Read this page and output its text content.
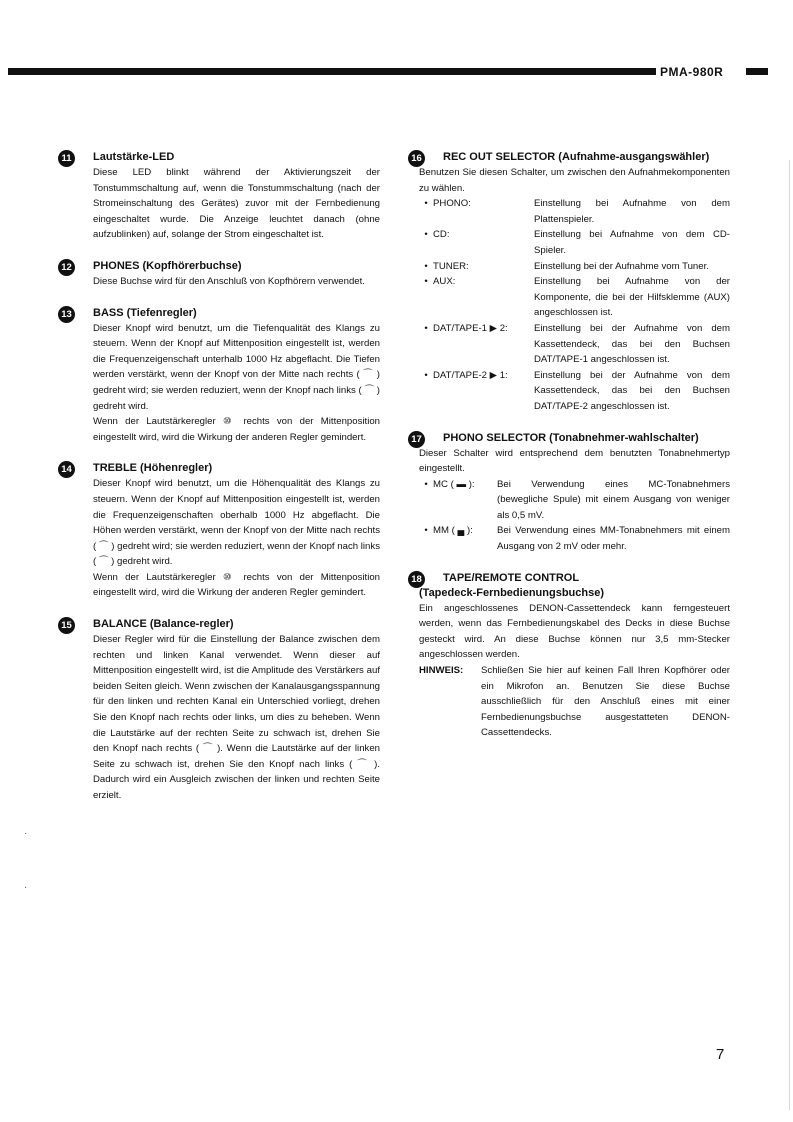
PMA-980R
11	Lautstärke-LED

Diese LED blinkt während der Aktivierungszeit der Tonstummschaltung auf, wenn die Tonstummschaltung (nach der Stromeinschaltung des Gerätes) zuvor mit der Fernbedienung eingeschaltet wurde. Die Anzeige leuchtet danach (ohne aufzublinken) auf, solange der Strom eingeschaltet ist.

12 PHONES (Kopfhörerbuchse)

Diese Buchse wird für den Anschluß von Kopfhörern verwendet.

13 BASS (Tiefenregler)

Dieser Knopf wird benutzt, um die Tiefenqualität des Klangs zu steuern. Wenn der Knopf auf Mittenposition eingestellt ist, werden die Frequenzeigenschaft unterhalb 1000 Hz abgeflacht. Die Tiefen werden verstärkt, wenn der Knopf von der Mitte nach rechts ( ⌒ ) gedreht wird; sie werden reduziert, wenn der Knopf nach links ( ⌒ ) gedreht wird.

Wenn der Lautstärkeregler ⑩ rechts von der Mittenposition eingestellt wird, wird die Wirkung der anderen Regler gemindert.

14 TREBLE (Höhenregler)

Dieser Knopf wird benutzt, um die Höhenqualität des Klangs zu steuern. Wenn der Knopf auf Mittenposition eingestellt ist, werden die Frequenzeigenschaften oberhalb 1000 Hz abgeflacht. Die Höhen werden verstärkt, wenn der Knopf von der Mitte nach rechts ( ⌒ ) gedreht wird; sie werden reduziert, wenn der Knopf nach links ( ⌒ ) gedreht wird.

Wenn der Lautstärkeregler ⑩ rechts von der Mittenposition eingestellt wird, wird die Wirkung der anderen Regler gemindert.

15 BALANCE (Balance-regler)

Dieser Regler wird für die Einstellung der Balance zwischen dem rechten und linken Kanal verwendet. Wenn dieser auf Mittenposition eingestellt wird, ist die Amplitude des Verstärkers auf beiden Seiten gleich. Wenn zwischen der Kanalausgangsspannung für den linken und rechten Kanal ein Unterschied vorliegt, drehen Sie den Knopf nach rechts oder links, um dies zu beheben. Wenn die Lautstärke auf der rechten Seite zu schwach ist, drehen Sie den Knopf nach rechts ( ⌒ ). Wenn die Lautstärke auf der linken Seite zu schwach ist, drehen Sie den Knopf nach links ( ⌒ ). Dadurch wird ein Ausgleich zwischen der linken und rechten Seite erzielt.

16 REC OUT SELECTOR (Aufnahme-ausgangswähler)

Benutzen Sie diesen Schalter, um zwischen den Aufnahmekomponenten zu wählen.

• PHONO:	Einstellung bei Aufnahme von dem Plattenspieler.
• CD:	Einstellung bei Aufnahme von dem CD-Spieler.
• TUNER:	Einstellung bei der Aufnahme vom Tuner.
• AUX:	Einstellung bei Aufnahme von der Komponente, die bei der Hilfsklemme (AUX) angeschlossen ist.
• DAT/TAPE-1 ▶ 2:	Einstellung bei der Aufnahme von dem Kassettendeck, das bei den Buchsen DAT/TAPE-1 angeschlossen ist.
• DAT/TAPE-2 ▶ 1:	Einstellung bei der Aufnahme von dem Kassettendeck, das bei den Buchsen DAT/TAPE-2 angeschlossen ist.
17 PHONO SELECTOR (Tonabnehmer-wahlschalter)

Dieser Schalter wird entsprechend dem benutzten Tonabnehmertyp eingestellt.

• MC ( ▬ ):	Bei Verwendung eines MC-Tonabnehmers (bewegliche Spule) mit einem Ausgang von weniger als 0,5 mV.
• MM ( ▄ ):	Bei Verwendung eines MM-Tonabnehmers mit einem Ausgang von 2 mV oder mehr.
18 TAPE/REMOTE CONTROL
(Tapedeck-Fernbedienungsbuchse)

Ein angeschlossenes DENON-Cassettendeck kann ferngesteuert werden, wenn das Fernbedienungskabel des Decks in diese Buchse gesteckt wird. An diese Buchse können nur 3,5 mm-Stecker angeschlossen werden.

HINWEIS:	Schließen Sie hier auf keinen Fall Ihren Kopfhörer oder ein Mikrofon an. Benutzen Sie diese Buchse ausschließlich für den Anschluß eines mit einer Fernbedienungsbuchse ausgestatteten DENON-Cassettendecks.
·
·
7
